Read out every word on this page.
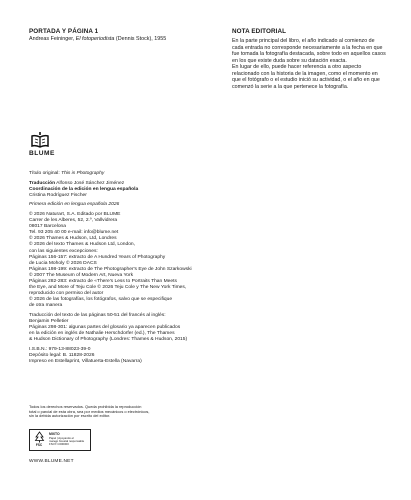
PORTADA Y PÁGINA 1
Andreas Feininger, El fotoperiodista (Dennis Stock), 1955
NOTA EDITORIAL

En la parte principal del libro, el año indicado al comienzo de cada entrada no corresponde necesariamente a la fecha en que fue tomada la fotografía destacada, sobre todo en aquellos casos en los que existe duda sobre su datación exacta.

En lugar de ello, puede hacer referencia a otro aspecto relacionado con la historia de la imagen, como el momento en que el fotógrafo o el estudio inició su actividad, o el año en que comenzó la serie a la que pertenece la fotografía.

BLUME
Título original: This is Photography
Traducción Alfonso José Sánchez Jiménez
Coordinación de la edición en lengua española
Cristina Rodríguez Fischer
Primera edición en lengua española 2026
© 2026 Naturart, S.A. Editado por BLUME
Carrer de les Alberes, 52, 2.º, Vallvidrera
08017 Barcelona
Tel. 93 205 40 00 e-mail: info@blume.net
© 2026 Thames & Hudson, Ltd, Londres
© 2026 del texto Thames & Hudson Ltd, London,
con las siguientes excepciones:
Páginas 156-157: extracto de A Hundred Years of Photography
de Lucia Moholy © 2026 DACS
Páginas 198-199: extracto de The Photographer's Eye de John Szarkowski
© 2007 The Museum of Modern Art, Nueva York
Páginas 282-283: extracto de «There's Less to Portraits Than Meets
the Eye, and More of Teju Cole © 2026 Teju Cole y The New York Times,
reproducido con permiso del autor
© 2026 de las fotografías, los fotógrafos, salvo que se especifique
de otra manera
Traducción del texto de las páginas 50-51 del francés al inglés:
Benjamin Pelletier
Páginas 298-301: algunas partes del glosario ya aparecen publicados
en la edición en inglés de Nathalie Herschdorfer (ed.), The Thames
& Hudson Dictionary of Photography (Londres: Thames & Hudson, 2015)
I.S.B.N.: 979-13-88023-39-0
Depósito legal: B. 11828-2026
Impreso en Estellaprint, Villatuerta-Estella (Navarra)
Todos los derechos reservados. Queda prohibida la reproducción
total o parcial de esta obra, sea por medios mecánicos o electrónicos,
sin la debida autorización por escrito del editor.
FSC
MIXTO
Papel | Apoyando el
manejo forestal responsable
FSC® C000000
WWW.BLUME.NET
